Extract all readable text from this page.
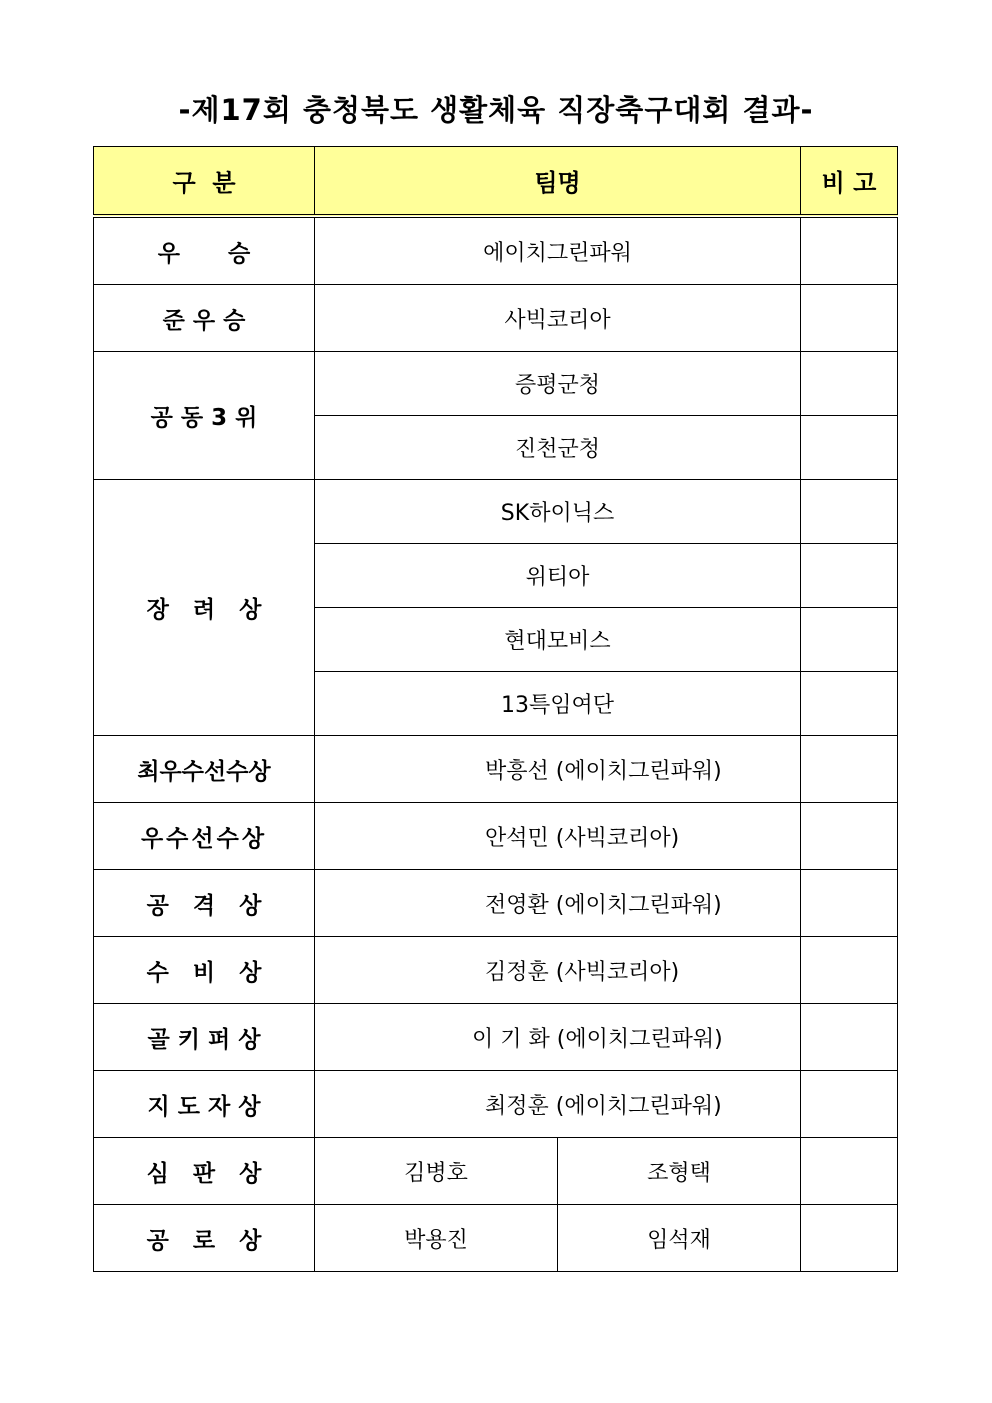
-제17회 충청북도 생활체육 직장축구대회 결과-
구  분	팀명		비 고
우      승	에이치그린파워		
준 우 승	사빅코리아		
공 동 3 위	증평군청		
	진천군청		
장   려   상	SK하이닉스		
	위티아		
	현대모비스		
	13특임여단		
최우수선수상	박흥선 (에이치그린파워)		
우수선수상	안석민 (사빅코리아)		
공   격   상	전영환 (에이치그린파워)		
수   비   상	김정훈 (사빅코리아)		
골 키 퍼 상	이 기 화 (에이치그린파워)		
지 도 자 상	최정훈 (에이치그린파워)		
심   판   상	김병호	조형택	
공   로   상	박용진	임석재	
